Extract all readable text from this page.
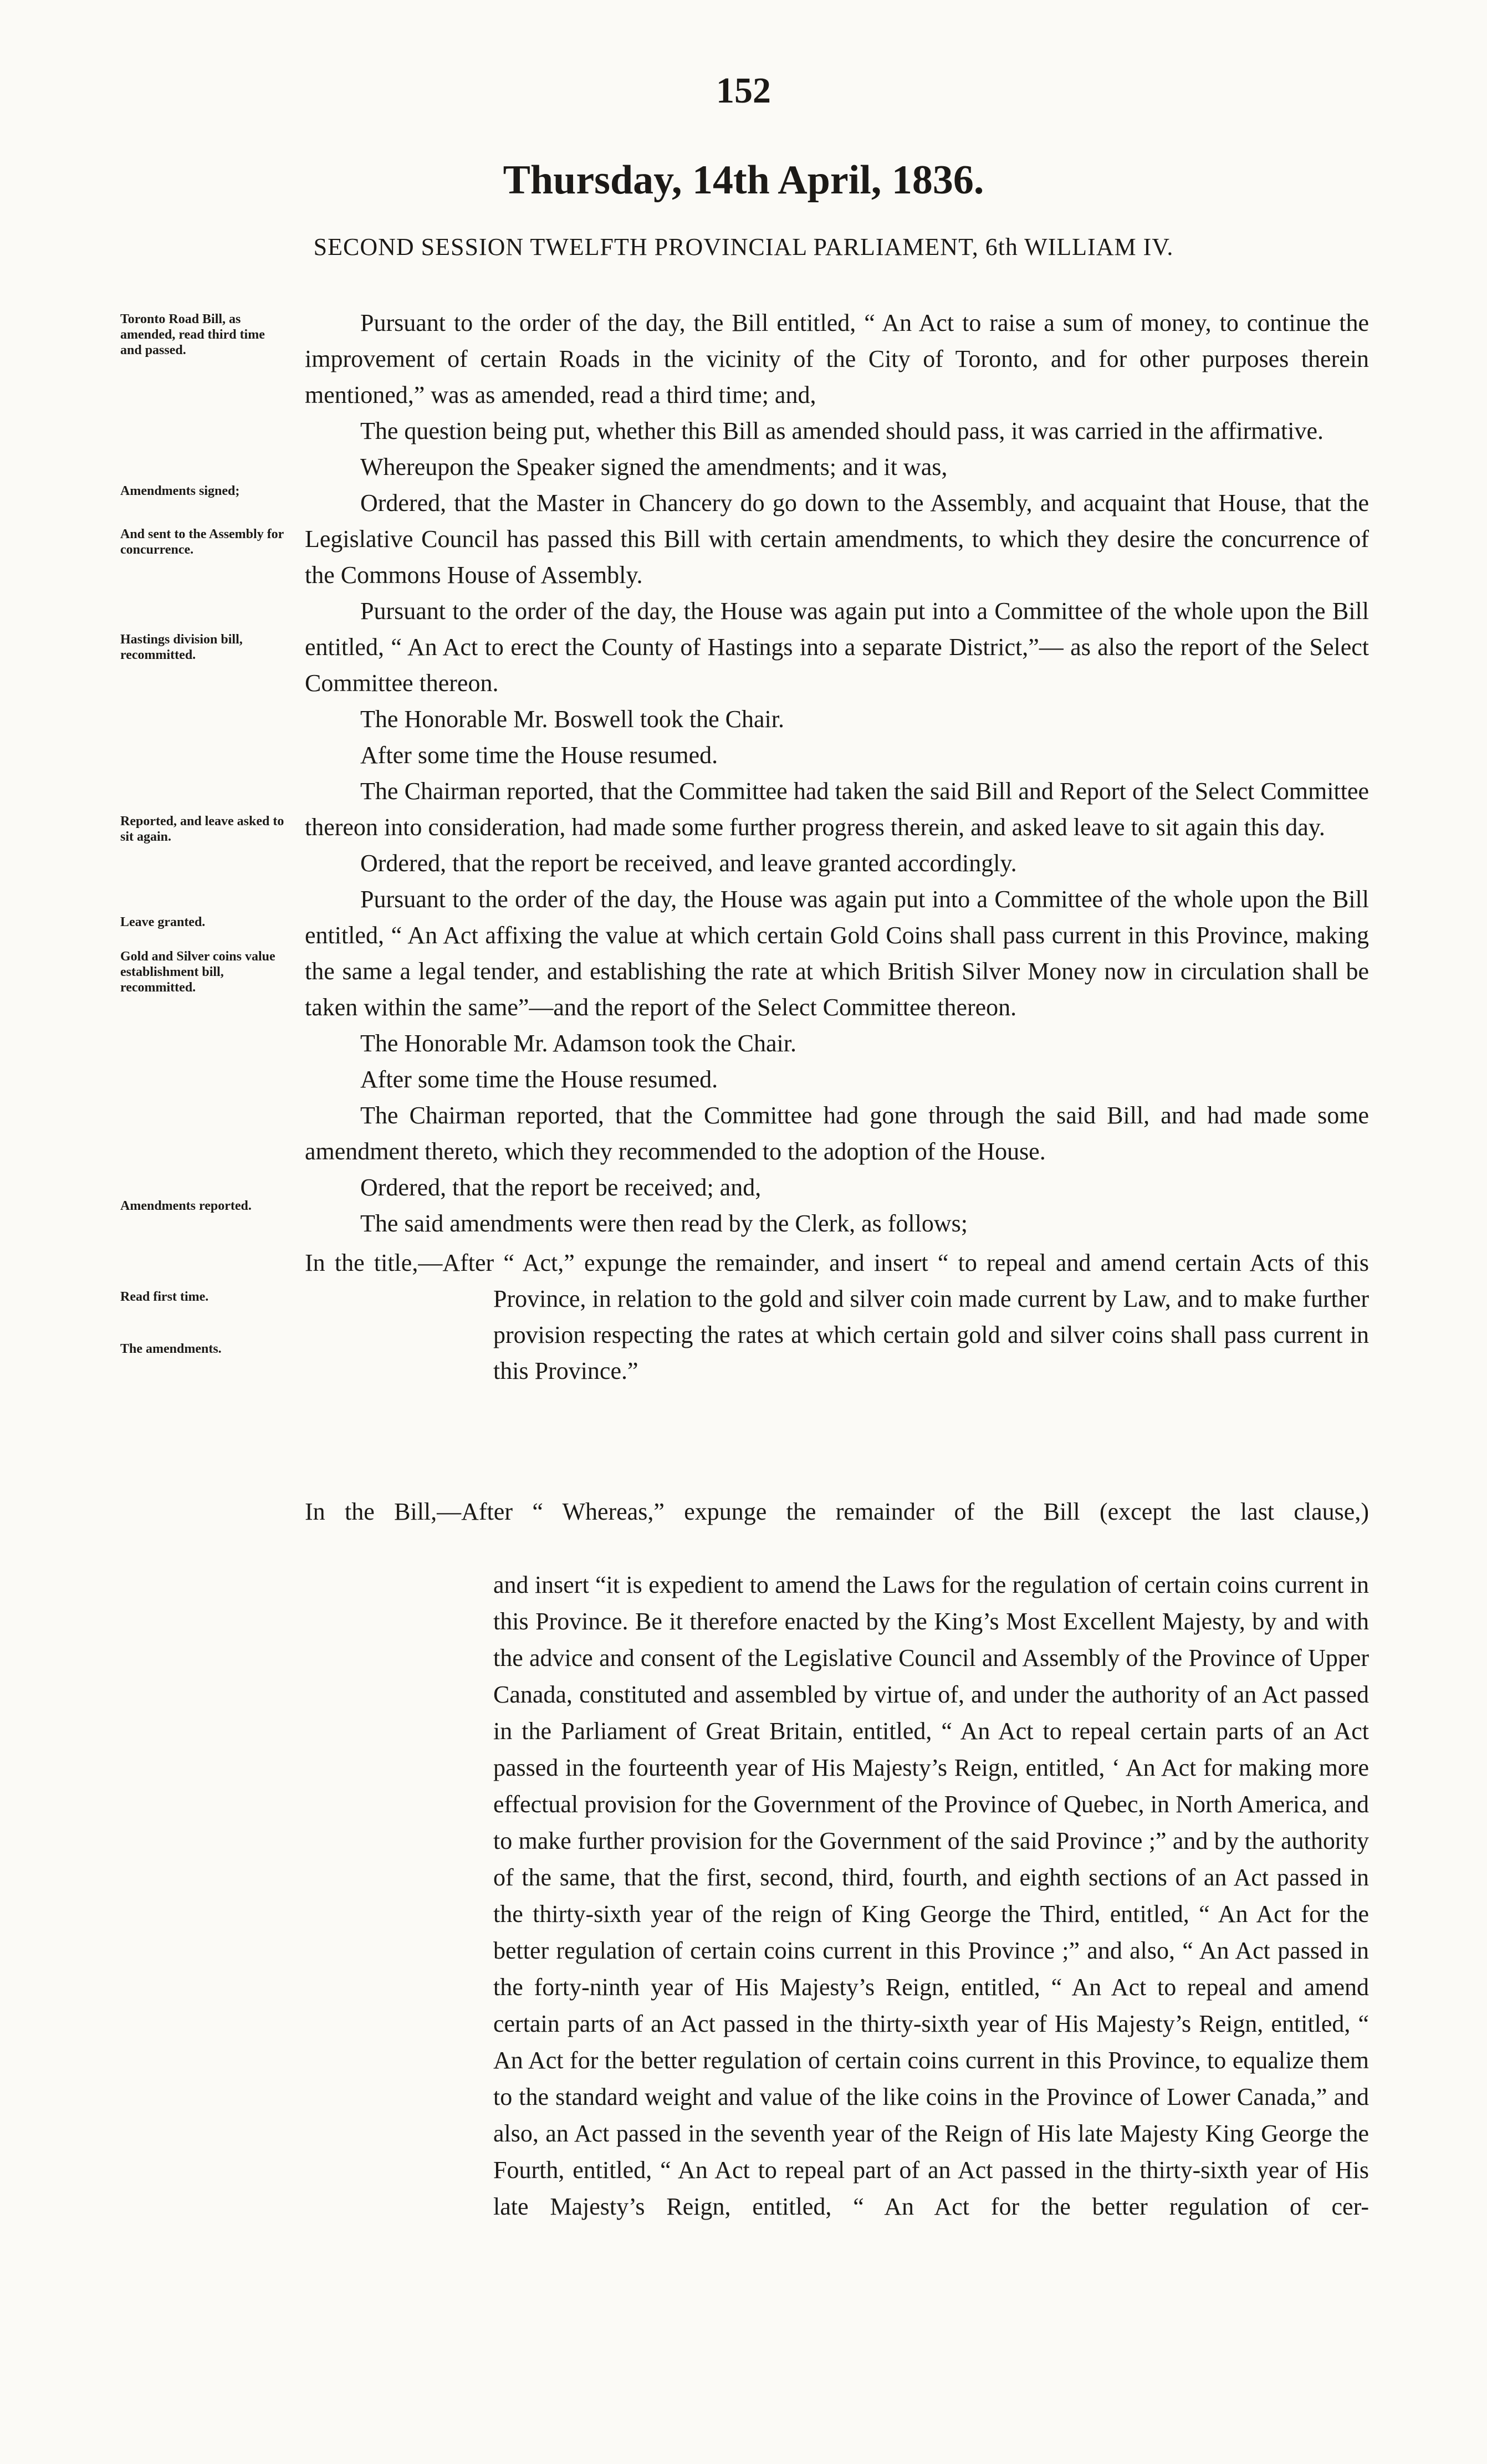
152
Thursday, 14th April, 1836.
SECOND SESSION TWELFTH PROVINCIAL PARLIAMENT, 6th WILLIAM IV.
Toronto Road Bill, as amended, read third time and passed.
Amendments signed;
And sent to the Assembly for concurrence.
Hastings division bill, recommitted.
Reported, and leave asked to sit again.
Leave granted.
Gold and Silver coins value establishment bill, recommitted.
Amendments reported.
Read first time.
The amendments.

Pursuant to the order of the day, the Bill entitled, “ An Act to raise a sum of money, to continue the improvement of certain Roads in the vicinity of the City of Toronto, and for other purposes therein mentioned,” was as amended, read a third time; and,

The question being put, whether this Bill as amended should pass, it was carried in the affirmative.

Whereupon the Speaker signed the amendments; and it was,

Ordered, that the Master in Chancery do go down to the Assembly, and acquaint that House, that the Legislative Council has passed this Bill with certain amendments, to which they desire the concurrence of the Commons House of Assembly.

Pursuant to the order of the day, the House was again put into a Committee of the whole upon the Bill entitled, “ An Act to erect the County of Hastings into a separate District,”— as also the report of the Select Committee thereon.

The Honorable Mr. Boswell took the Chair.

After some time the House resumed.

The Chairman reported, that the Committee had taken the said Bill and Report of the Select Committee thereon into consideration, had made some further progress therein, and asked leave to sit again this day.

Ordered, that the report be received, and leave granted accordingly.

Pursuant to the order of the day, the House was again put into a Committee of the whole upon the Bill entitled, “ An Act affixing the value at which certain Gold Coins shall pass current in this Province, making the same a legal tender, and establishing the rate at which British Silver Money now in circulation shall be taken within the same”—and the report of the Select Committee thereon.

The Honorable Mr. Adamson took the Chair.

After some time the House resumed.

The Chairman reported, that the Committee had gone through the said Bill, and had made some amendment thereto, which they recommended to the adoption of the House.

Ordered, that the report be received; and,

The said amendments were then read by the Clerk, as follows;

In the title,—After “ Act,” expunge the remainder, and insert “ to repeal and amend certain Acts of this Province, in relation to the gold and silver coin made current by Law, and to make further provision respecting the rates at which certain gold and silver coins shall pass current in this Province.”

In the Bill,—After “ Whereas,” expunge the remainder of the Bill (except the last clause,)

and insert “it is expedient to amend the Laws for the regulation of certain coins current in this Province. Be it therefore enacted by the King’s Most Excellent Majesty, by and with the advice and consent of the Legislative Council and Assembly of the Province of Upper Canada, constituted and assembled by virtue of, and under the authority of an Act passed in the Parliament of Great Britain, entitled, “ An Act to repeal certain parts of an Act passed in the fourteenth year of His Majesty’s Reign, entitled, ‘ An Act for making more effectual provision for the Government of the Province of Quebec, in North America, and to make further provision for the Government of the said Province ;” and by the authority of the same, that the first, second, third, fourth, and eighth sections of an Act passed in the thirty-sixth year of the reign of King George the Third, entitled, “ An Act for the better regulation of certain coins current in this Province ;” and also, “ An Act passed in the forty-ninth year of His Majesty’s Reign, entitled, “ An Act to repeal and amend certain parts of an Act passed in the thirty-sixth year of His Majesty’s Reign, entitled, “ An Act for the better regulation of certain coins current in this Province, to equalize them to the standard weight and value of the like coins in the Province of Lower Canada,” and also, an Act passed in the seventh year of the Reign of His late Majesty King George the Fourth, entitled, “ An Act to repeal part of an Act passed in the thirty-sixth year of His late Majesty’s Reign, entitled, “ An Act for the better regulation of cer-
